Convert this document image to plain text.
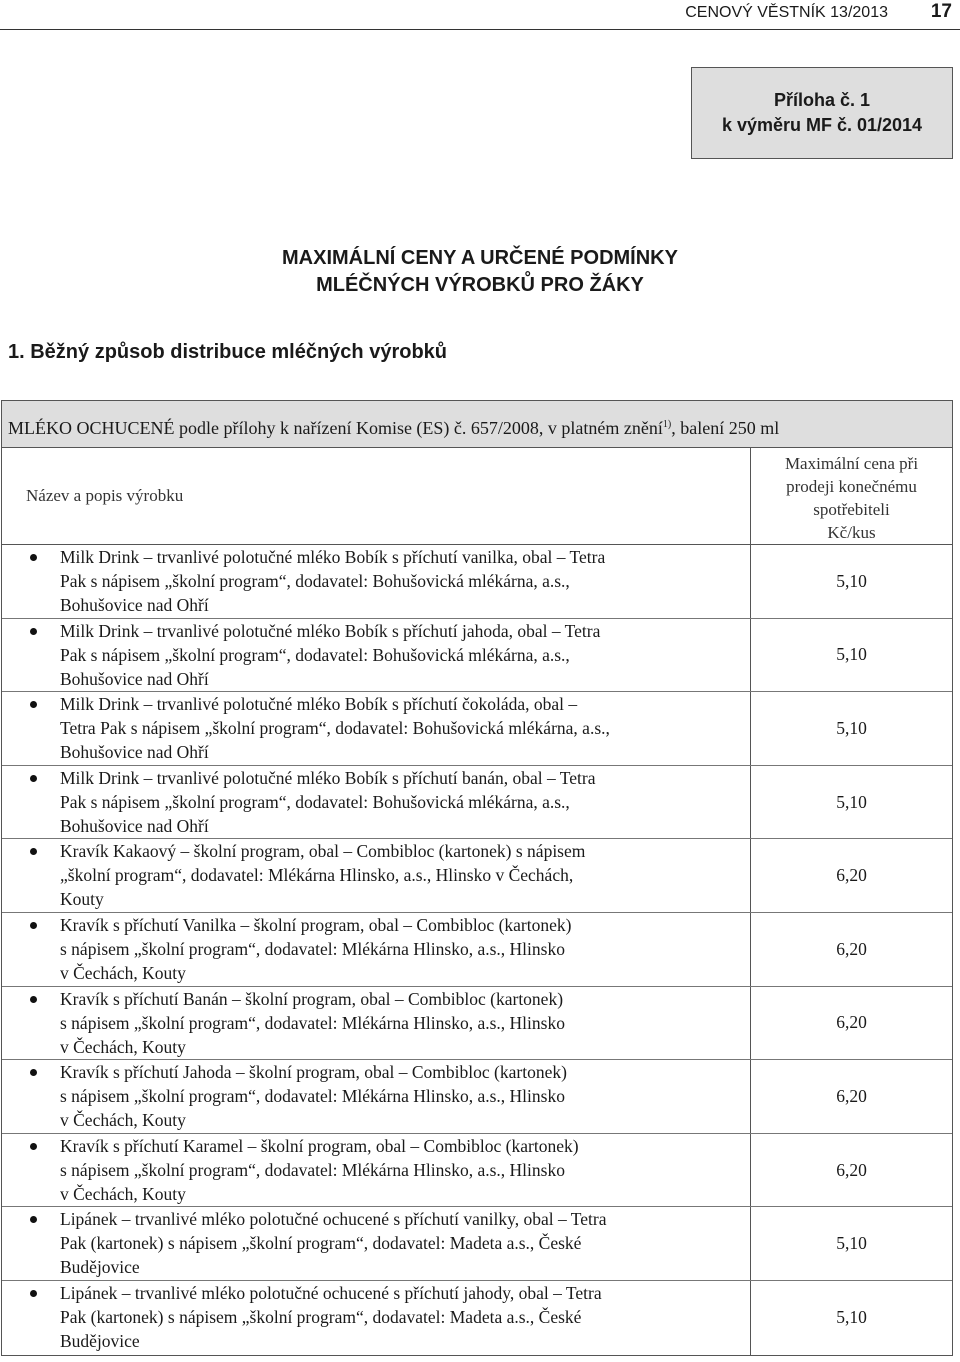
CENOVÝ VĚSTNÍK 13/2013 17
Příloha č. 1
k výměru MF č. 01/2014
MAXIMÁLNÍ CENY A URČENÉ PODMÍNKY
MLÉČNÝCH VÝROBKŮ PRO ŽÁKY
1. Běžný způsob distribuce mléčných výrobků
MLÉKO OCHUCENÉ podle přílohy k nařízení Komise (ES) č. 657/2008, v platném znění$^{1)}$, balení 250 ml
Název a popis výrobku
Maximální cena při
prodeji konečnému
spotřebiteli
Kč/kus
Milk Drink – trvanlivé polotučné mléko Bobík s příchutí vanilka, obal – Tetra
Pak s nápisem „školní program“, dodavatel: Bohušovická mlékárna, a.s.,
Bohušovice nad Ohří
5,10
Milk Drink – trvanlivé polotučné mléko Bobík s příchutí jahoda, obal – Tetra
Pak s nápisem „školní program“, dodavatel: Bohušovická mlékárna, a.s.,
Bohušovice nad Ohří
5,10
Milk Drink – trvanlivé polotučné mléko Bobík s příchutí čokoláda, obal –
Tetra Pak s nápisem „školní program“, dodavatel: Bohušovická mlékárna, a.s.,
Bohušovice nad Ohří
5,10
Milk Drink – trvanlivé polotučné mléko Bobík s příchutí banán, obal – Tetra
Pak s nápisem „školní program“, dodavatel: Bohušovická mlékárna, a.s.,
Bohušovice nad Ohří
5,10
Kravík Kakaový – školní program, obal – Combibloc (kartonek) s nápisem
„školní program“, dodavatel: Mlékárna Hlinsko, a.s., Hlinsko v Čechách,
Kouty
6,20
Kravík s příchutí Vanilka – školní program, obal – Combibloc (kartonek)
s nápisem „školní program“, dodavatel: Mlékárna Hlinsko, a.s., Hlinsko
v Čechách, Kouty
6,20
Kravík s příchutí Banán – školní program, obal – Combibloc (kartonek)
s nápisem „školní program“, dodavatel: Mlékárna Hlinsko, a.s., Hlinsko
v Čechách, Kouty
6,20
Kravík s příchutí Jahoda – školní program, obal – Combibloc (kartonek)
s nápisem „školní program“, dodavatel: Mlékárna Hlinsko, a.s., Hlinsko
v Čechách, Kouty
6,20
Kravík s příchutí Karamel – školní program, obal – Combibloc (kartonek)
s nápisem „školní program“, dodavatel: Mlékárna Hlinsko, a.s., Hlinsko
v Čechách, Kouty
6,20
Lipánek – trvanlivé mléko polotučné ochucené s příchutí vanilky, obal – Tetra
Pak (kartonek) s nápisem „školní program“, dodavatel: Madeta a.s., České
Budějovice
5,10
Lipánek – trvanlivé mléko polotučné ochucené s příchutí jahody, obal – Tetra
Pak (kartonek) s nápisem „školní program“, dodavatel: Madeta a.s., České
Budějovice
5,10
